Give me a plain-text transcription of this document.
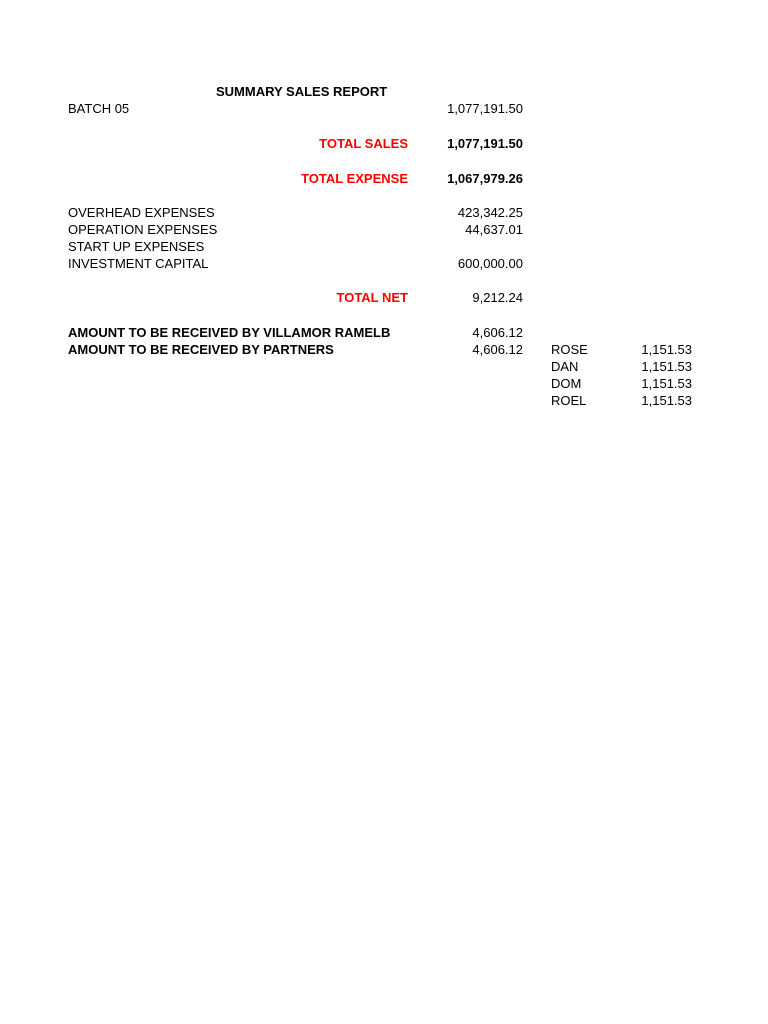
SUMMARY SALES REPORT
BATCH 05	1,077,191.50
TOTAL SALES	1,077,191.50
TOTAL EXPENSE	1,067,979.26
OVERHEAD EXPENSES	423,342.25
OPERATION EXPENSES	44,637.01
START UP EXPENSES
INVESTMENT CAPITAL	600,000.00
TOTAL NET	9,212.24
AMOUNT TO BE RECEIVED BY VILLAMOR RAMELB	4,606.12
AMOUNT TO BE RECEIVED BY PARTNERS	4,606.12 ROSE	1,151.53
DAN	1,151.53
DOM	1,151.53
ROEL	1,151.53
